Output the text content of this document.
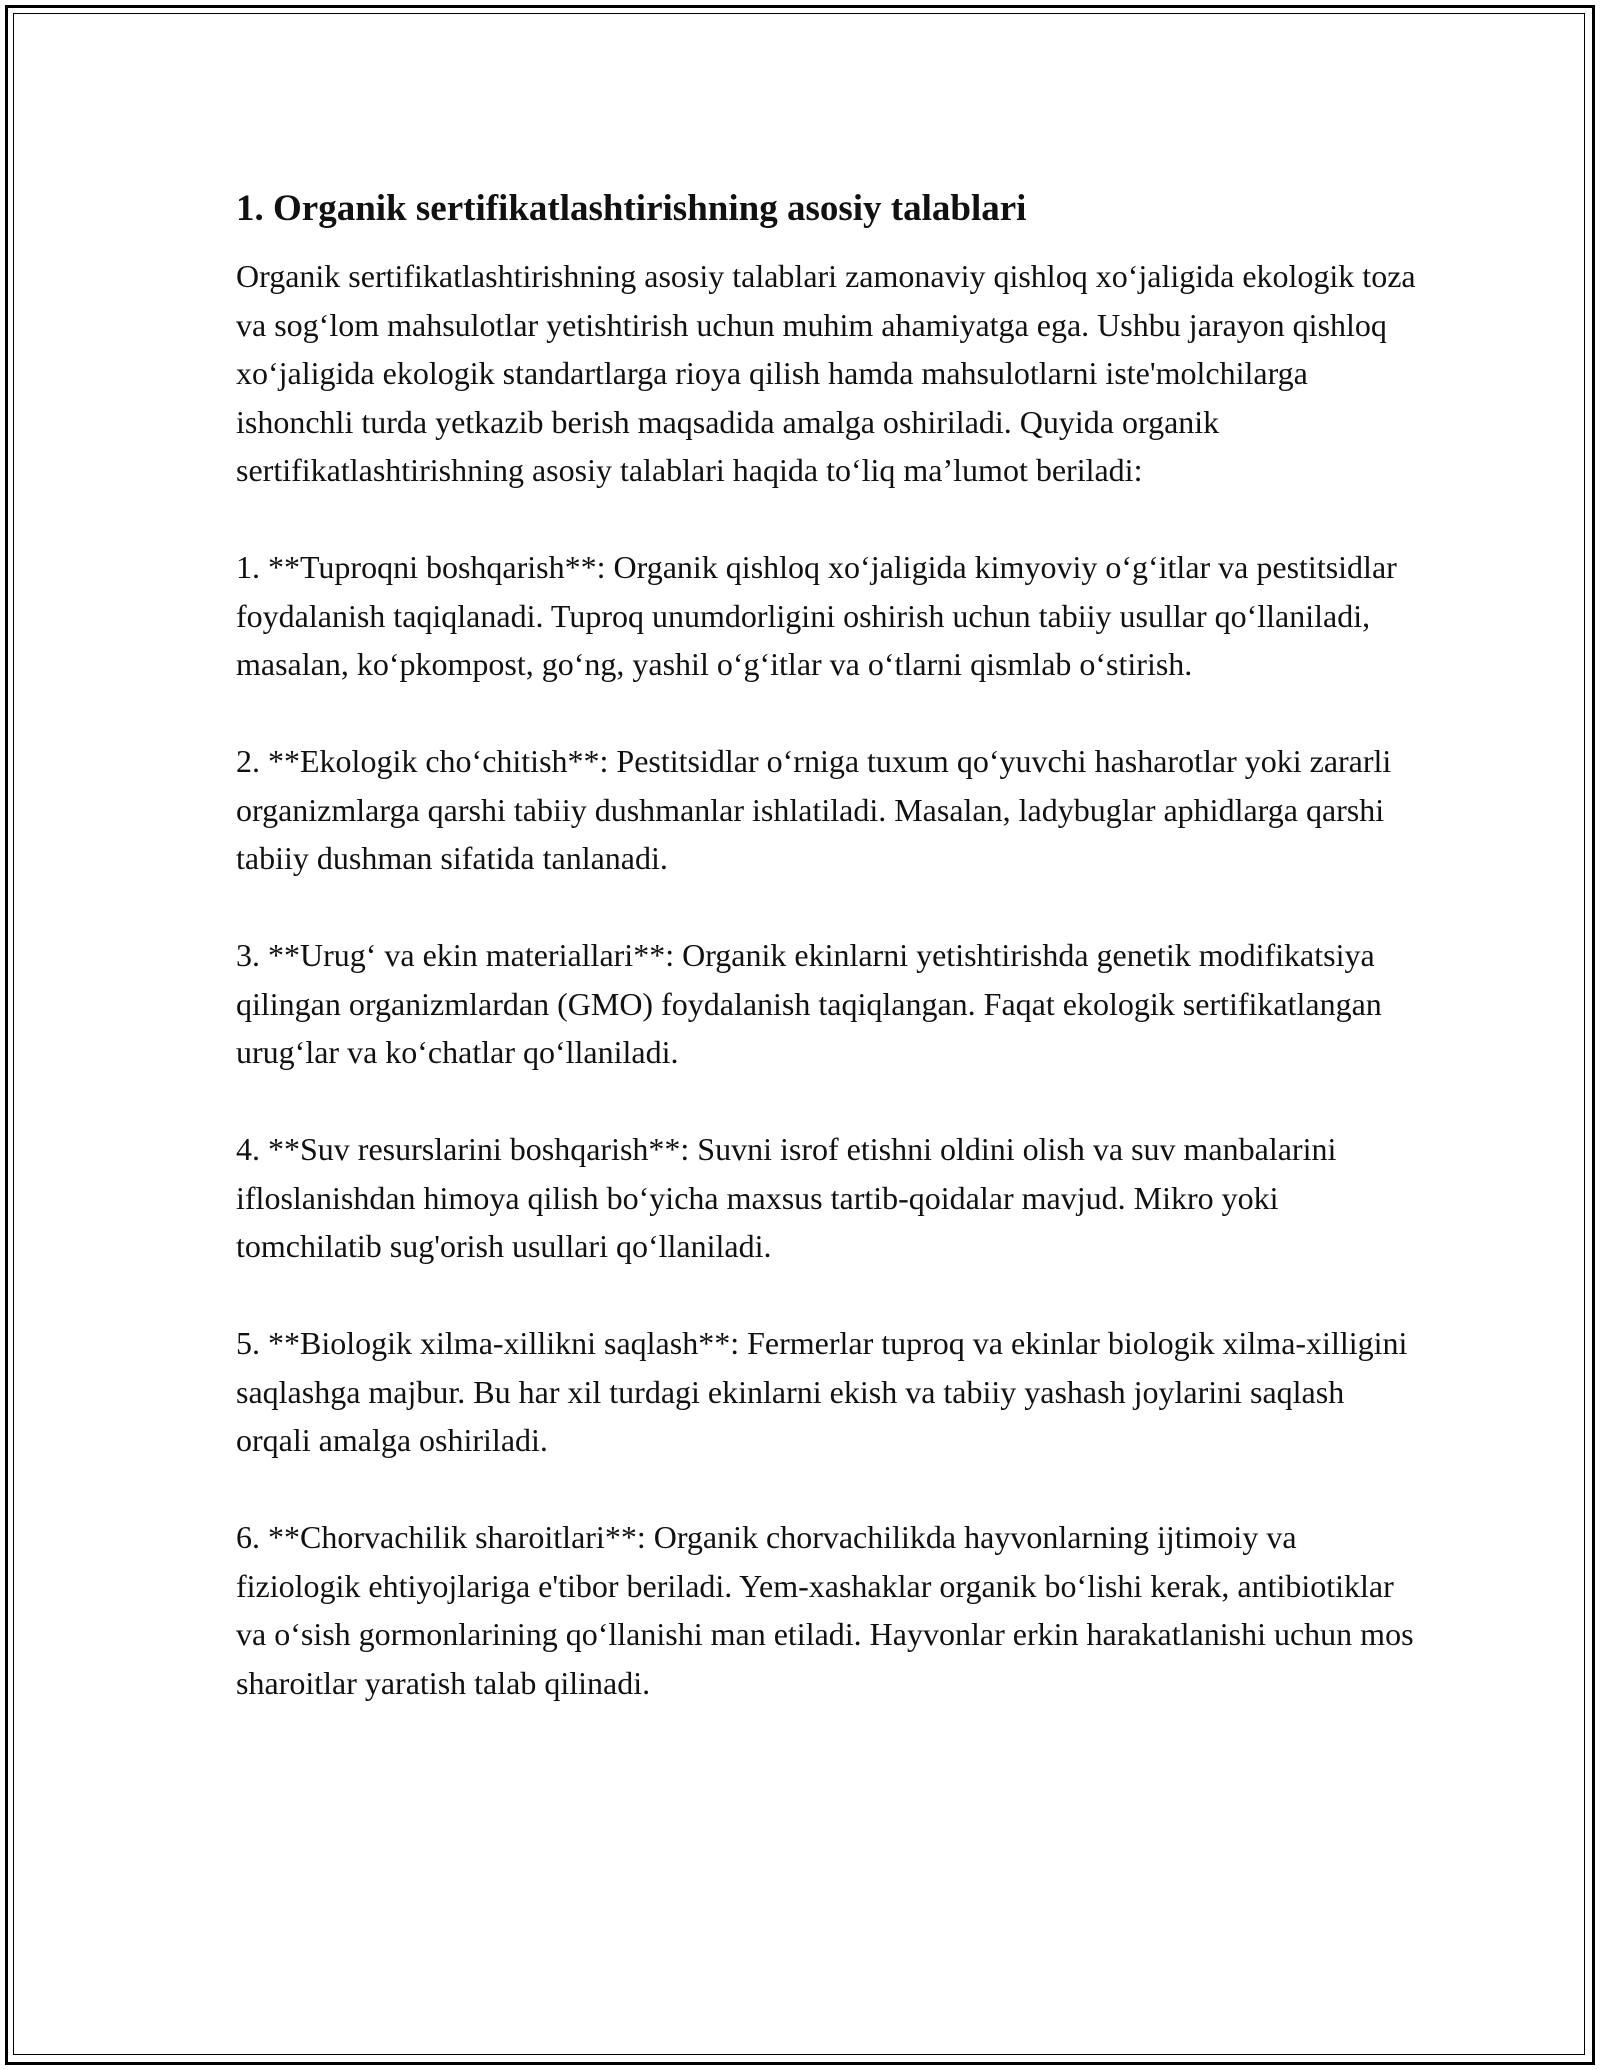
1. Organik sertifikatlashtirishning asosiy talablari

Organik sertifikatlashtirishning asosiy talablari zamonaviy qishloq xo‘jaligida ekologik toza va sog‘lom mahsulotlar yetishtirish uchun muhim ahamiyatga ega. Ushbu jarayon qishloq xo‘jaligida ekologik standartlarga rioya qilish hamda mahsulotlarni iste'molchilarga ishonchli turda yetkazib berish maqsadida amalga oshiriladi. Quyida organik sertifikatlashtirishning asosiy talablari haqida to‘liq ma’lumot beriladi:

1. **Tuproqni boshqarish**: Organik qishloq xo‘jaligida kimyoviy o‘g‘itlar va pestitsidlar foydalanish taqiqlanadi. Tuproq unumdorligini oshirish uchun tabiiy usullar qo‘llaniladi, masalan, ko‘pkompost, go‘ng, yashil o‘g‘itlar va o‘tlarni qismlab o‘stirish.

2. **Ekologik cho‘chitish**: Pestitsidlar o‘rniga tuxum qo‘yuvchi hasharotlar yoki zararli organizmlarga qarshi tabiiy dushmanlar ishlatiladi. Masalan, ladybuglar aphidlarga qarshi tabiiy dushman sifatida tanlanadi.

3. **Urug‘ va ekin materiallari**: Organik ekinlarni yetishtirishda genetik modifikatsiya qilingan organizmlardan (GMO) foydalanish taqiqlangan. Faqat ekologik sertifikatlangan urug‘lar va ko‘chatlar qo‘llaniladi.

4. **Suv resurslarini boshqarish**: Suvni isrof etishni oldini olish va suv manbalarini ifloslanishdan himoya qilish bo‘yicha maxsus tartib-qoidalar mavjud. Mikro yoki tomchilatib sug'orish usullari qo‘llaniladi.

5. **Biologik xilma-xillikni saqlash**: Fermerlar tuproq va ekinlar biologik xilma-xilligini saqlashga majbur. Bu har xil turdagi ekinlarni ekish va tabiiy yashash joylarini saqlash orqali amalga oshiriladi.

6. **Chorvachilik sharoitlari**: Organik chorvachilikda hayvonlarning ijtimoiy va fiziologik ehtiyojlariga e'tibor beriladi. Yem-xashaklar organik bo‘lishi kerak, antibiotiklar va o‘sish gormonlarining qo‘llanishi man etiladi. Hayvonlar erkin harakatlanishi uchun mos sharoitlar yaratish talab qilinadi.
